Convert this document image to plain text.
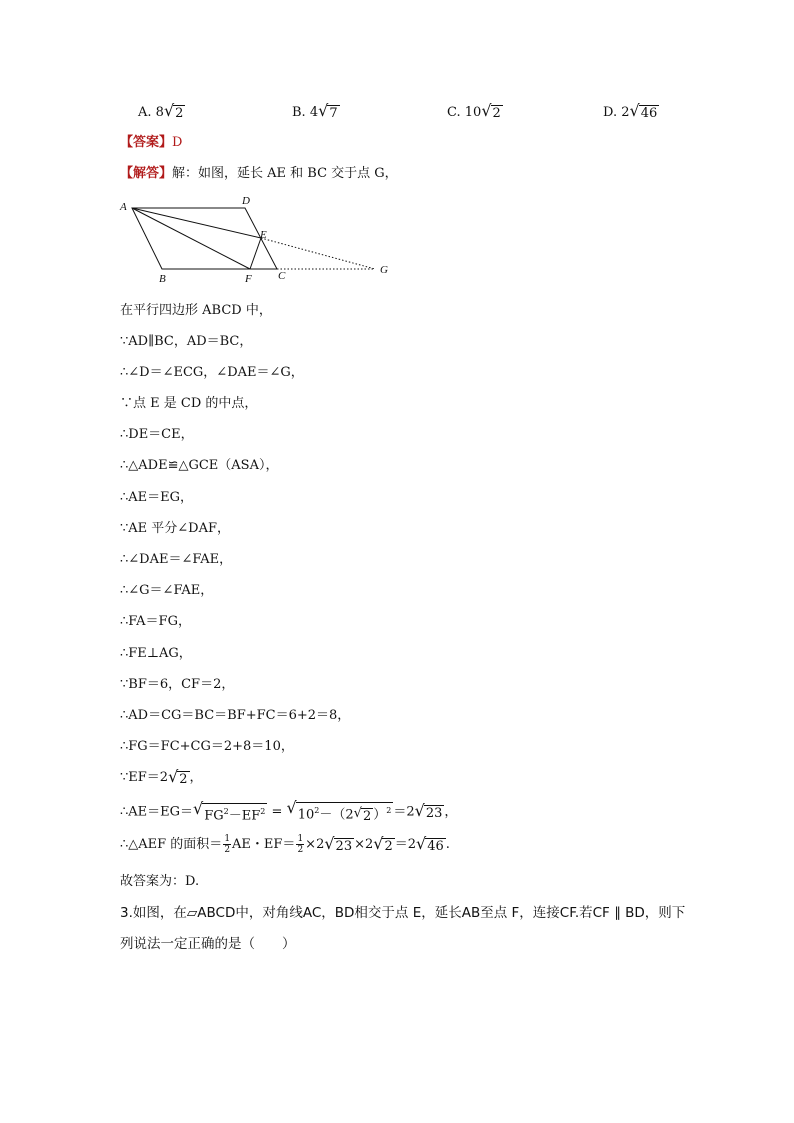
A.
8 √ 2	B.
4 √ 7	C.
10 √ 2	D.
2 √ 46
【答案】D
【解答】解：如图，延长 AE 和 BC 交于点 G，
A	D
E
B	F C	G
在平行四边形 ABCD 中，
∵AD∥BC，AD＝BC，
∴∠D＝∠ECG，∠DAE＝∠G，
∵点 E 是 CD 的中点，
∴DE＝CE，
∴△ADE≌△GCE（ASA），
∴AE＝EG，
∵AE 平分∠DAF，
∴∠DAE＝∠FAE，
∴∠G＝∠FAE，
∴FA＝FG，
∴FE⊥AG，
∵BF＝6，CF＝2，
∴AD＝CG＝BC＝BF+FC＝6+2＝8，
∴FG＝FC+CG＝2+8＝10，
∵EF＝2 √ 2 ，
∴AE＝EG＝ √ $FG^2-EF^2$ = √ $10^2-(2$ √ 2 ）$^2$ ＝2 √ 23 ，
∴△AEF 的面积＝ $\frac{1}{2}$ AE・$EF= \frac{1}{2} \times 2$ √ 23 ×2 √ 2 ＝2 √ 46 .
故答案为：D.
3.如图，在▱ABCD中，对角线AC，BD相交于点 E，延长AB至点 F，连接CF.若CF ∥ BD，则下
列说法一定正确的是（　　）
